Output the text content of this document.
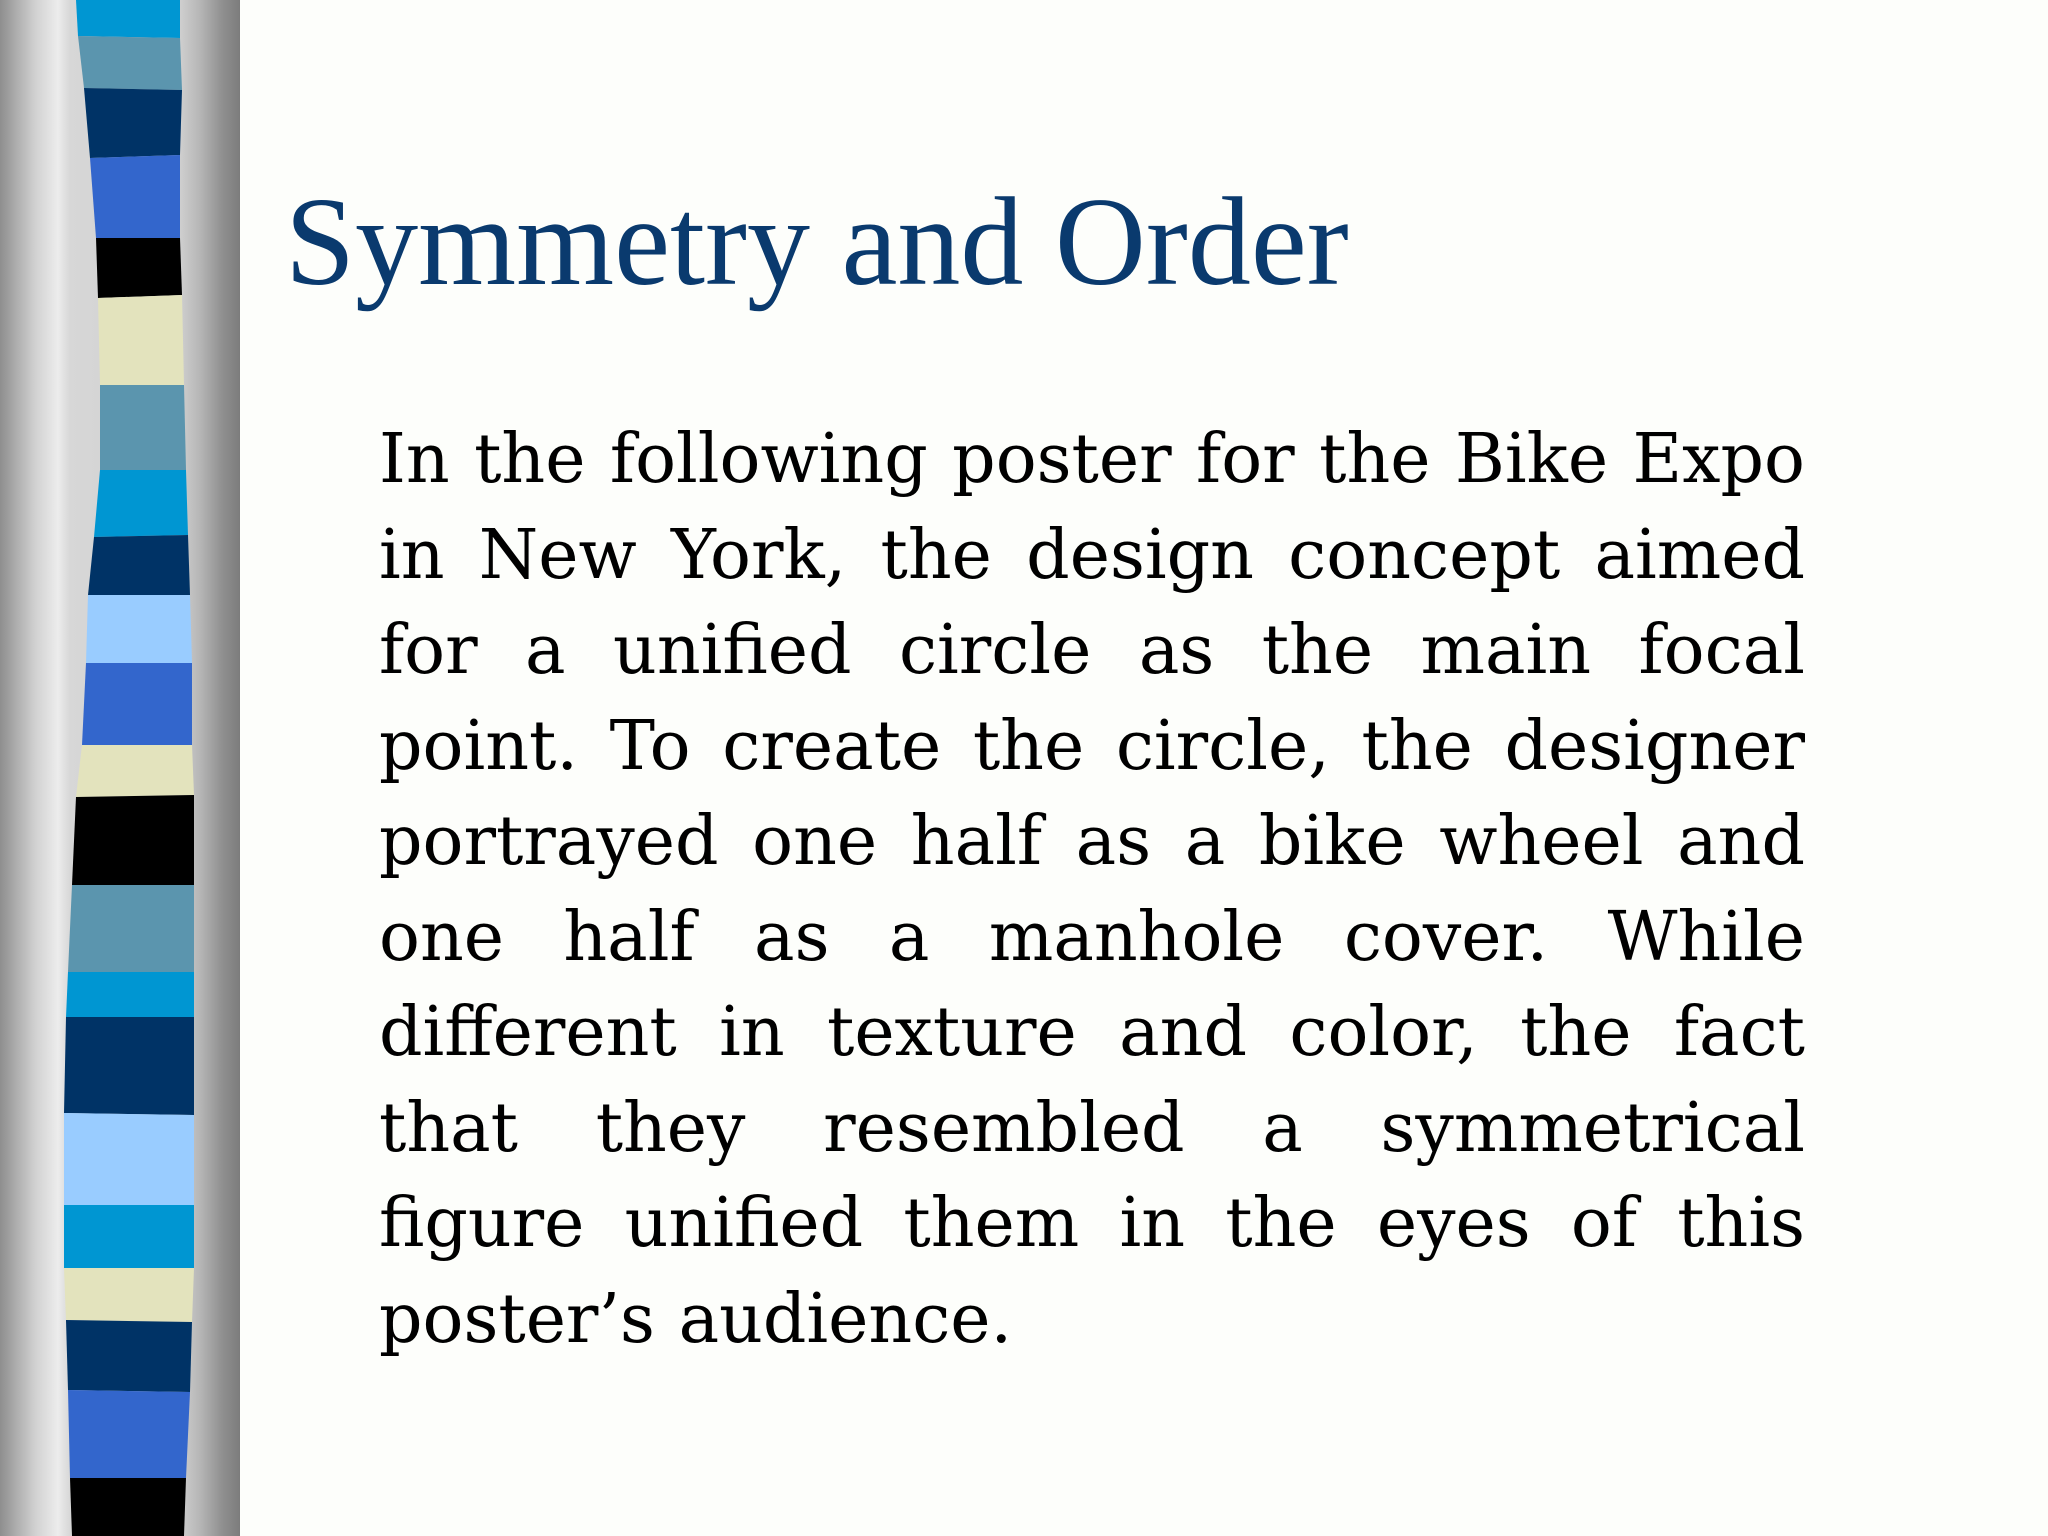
Symmetry and Order

In the following poster for the Bike Expo in New York, the design concept aimed for a unified circle as the main focal point. To create the circle, the designer portrayed one half as a bike wheel and one half as a manhole cover. While different in texture and color, the fact that they resembled a symmetrical figure unified them in the eyes of this poster’s audience.
